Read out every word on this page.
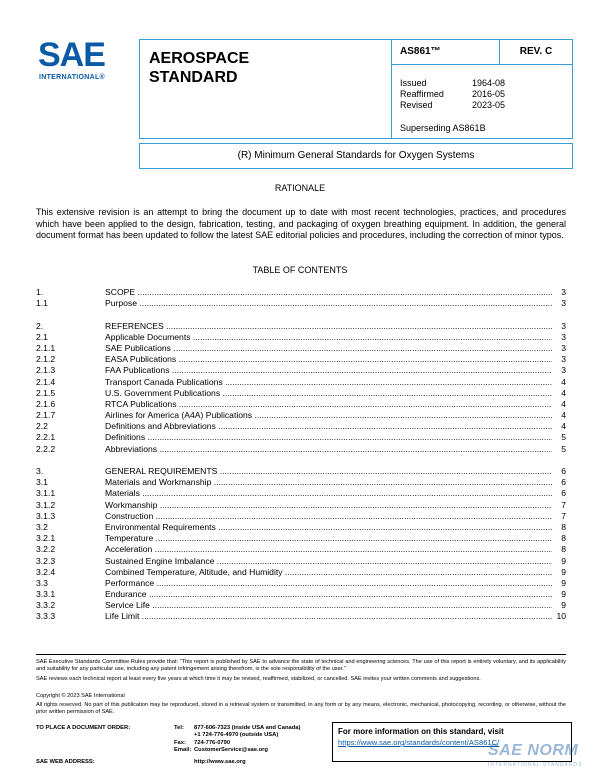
SAE
INTERNATIONAL®
AEROSPACE
STANDARD
AS861™	REV. C
Issued	1964-08
Reaffirmed	2016-05
Revised	2023-05
Superseding AS861B
(R) Minimum General Standards for Oxygen Systems
RATIONALE
This extensive revision is an attempt to bring the document up to date with most recent technologies, practices, and procedures which have been applied to the design, fabrication, testing, and packaging of oxygen breathing equipment. In addition, the general document format has been updated to follow the latest SAE editorial policies and procedures, including the correction of minor typos.
TABLE OF CONTENTS
1.	SCOPE .....	3
1.1	Purpose .....	3
2.	REFERENCES .....	3
2.1	Applicable Documents .....	3
2.1.1	SAE Publications .....	3
2.1.2	EASA Publications .....	3
2.1.3	FAA Publications .....	3
2.1.4	Transport Canada Publications .....	4
2.1.5	U.S. Government Publications .....	4
2.1.6	RTCA Publications .....	4
2.1.7	Airlines for America (A4A) Publications .....	4
2.2	Definitions and Abbreviations .....	4
2.2.1	Definitions .....	5
2.2.2	Abbreviations .....	5
3.	GENERAL REQUIREMENTS .....	6
3.1	Materials and Workmanship .....	6
3.1.1	Materials .....	6
3.1.2	Workmanship .....	7
3.1.3	Construction .....	7
3.2	Environmental Requirements .....	8
3.2.1	Temperature .....	8
3.2.2	Acceleration .....	8
3.2.3	Sustained Engine Imbalance .....	9
3.2.4	Combined Temperature, Altitude, and Humidity .....	9
3.3	Performance .....	9
3.3.1	Endurance .....	9
3.3.2	Service Life .....	9
3.3.3	Life Limit .....	10
SAE Executive Standards Committee Rules provide that: "This report is published by SAE to advance the state of technical and engineering sciences. The use of this report is entirely voluntary, and its applicability and suitability for any particular use, including any patent infringement arising therefrom, is the sole responsibility of the user."
SAE reviews each technical report at least every five years at which time it may be revised, reaffirmed, stabilized, or cancelled. SAE invites your written comments and suggestions.
Copyright © 2023 SAE International
All rights reserved. No part of this publication may be reproduced, stored in a retrieval system or transmitted, in any form or by any means, electronic, mechanical, photocopying, recording, or otherwise, without the prior written permission of SAE.
TO PLACE A DOCUMENT ORDER:	Tel:	877-606-7323 (inside USA and Canada)
+1 724-776-4970 (outside USA)
Fax:	724-776-0790
Email: CustomerService@sae.org
SAE WEB ADDRESS:	http://www.sae.org
For more information on this standard, visit
https://www.sae.org/standards/content/AS861C/
SAE NORM
INTERNATIONAL STANDARDS
